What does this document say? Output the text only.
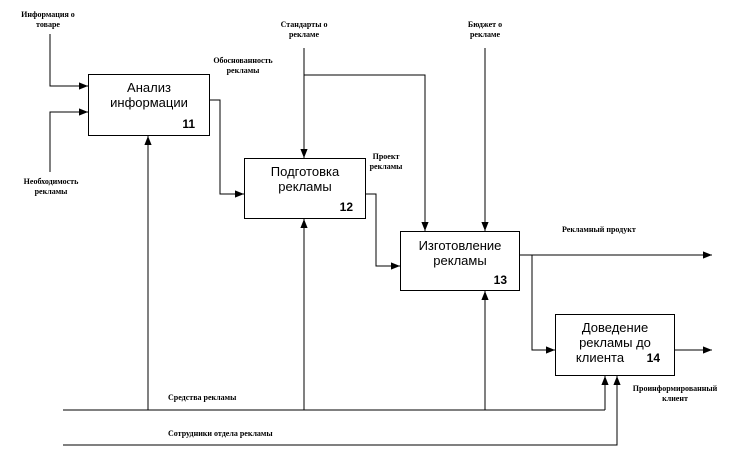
Анализ
информации
11
Подготовка
рекламы
12
Изготовление
рекламы
13
Доведение
рекламы до
клиента	14
Информация о
товаре
Необходимость
рекламы
Обоснованность
рекламы
Стандарты о
рекламе
Бюджет о
рекламе
Проект
рекламы
Рекламный продукт
Проинформированный
клиент
Средства рекламы
Сотрудники отдела рекламы
